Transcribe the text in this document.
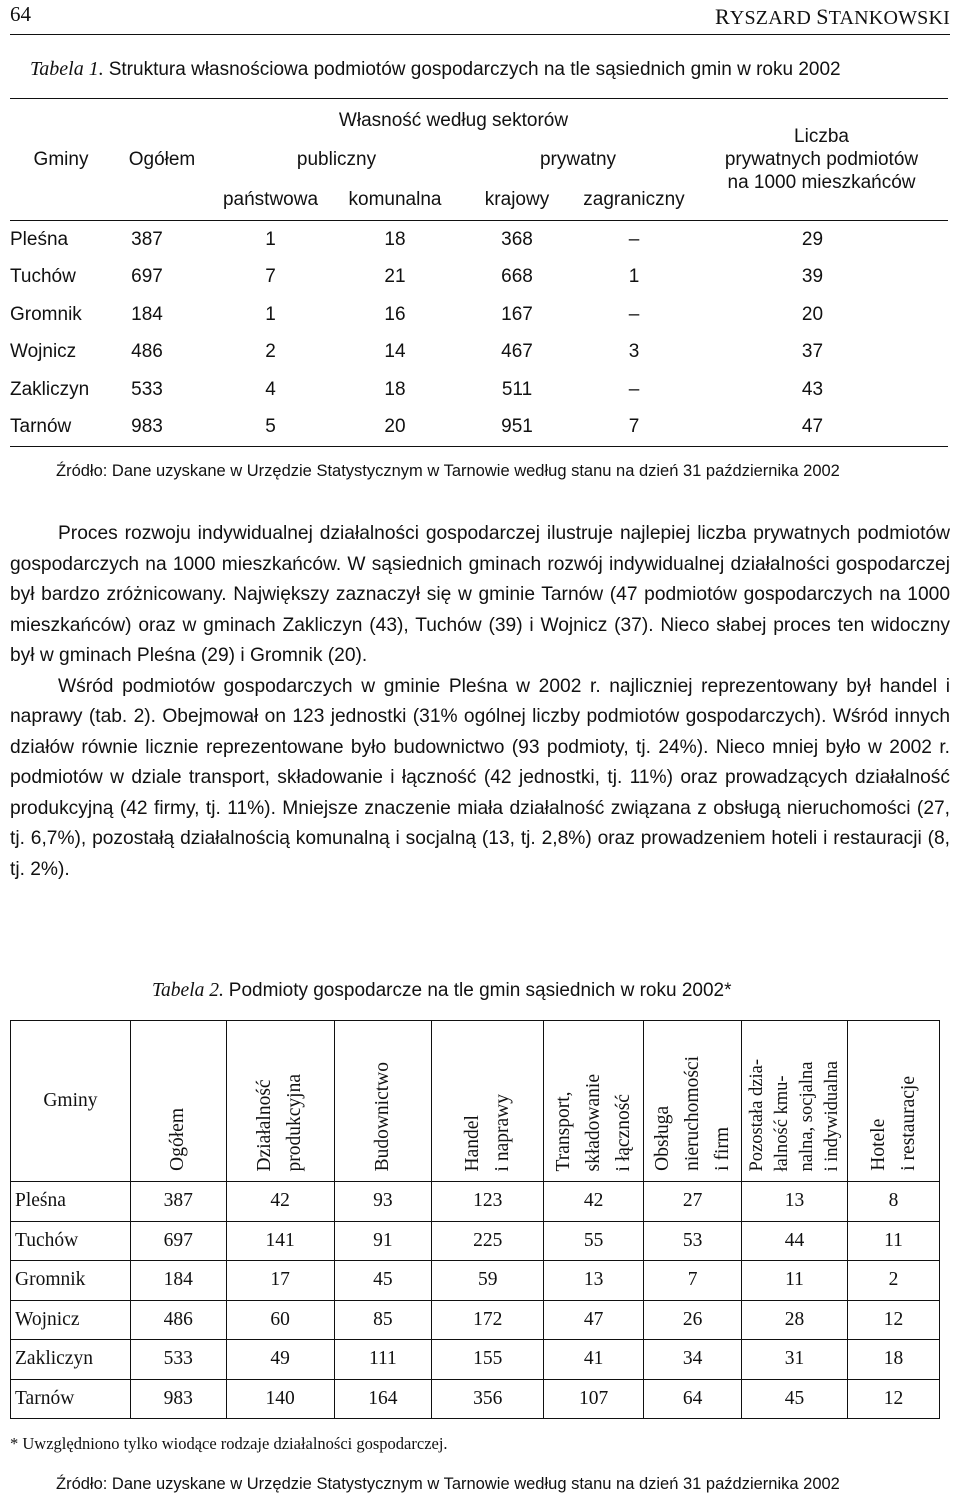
64	RYSZARD STANKOWSKI
Tabela 1. Struktura własnościowa podmiotów gospodarczych na tle sąsiednich gmin w roku 2002
Gminy	Ogółem	Własność według sektorów				Liczba
prywatnych podmiotów
na 1000 mieszkańców

		publiczny		prywatny		
		państwowa	komunalna	krajowy	zagraniczny	
Pleśna	387	1	18	368	–	29
Tuchów	697	7	21	668	1	39
Gromnik	184	1	16	167	–	20
Wojnicz	486	2	14	467	3	37
Zakliczyn	533	4	18	511	–	43
Tarnów	983	5	20	951	7	47
Źródło: Dane uzyskane w Urzędzie Statystycznym w Tarnowie według stanu na dzień 31 października 2002

Proces rozwoju indywidualnej działalności gospodarczej ilustruje najlepiej liczba prywatnych podmiotów gospodarczych na 1000 mieszkańców. W sąsiednich gminach rozwój indywidualnej działalności gospodarczej był bardzo zróżnicowany. Największy zaznaczył się w gminie Tarnów (47 podmiotów gospodarczych na 1000 mieszkańców) oraz w gminach Zakliczyn (43), Tuchów (39) i Wojnicz (37). Nieco słabej proces ten widoczny był w gminach Pleśna (29) i Gromnik (20).

Wśród podmiotów gospodarczych w gminie Pleśna w 2002 r. najliczniej reprezentowany był handel i naprawy (tab. 2). Obejmował on 123 jednostki (31% ogólnej liczby podmiotów gospodarczych). Wśród innych działów równie licznie reprezentowane było budownictwo (93 podmioty, tj. 24%). Nieco mniej było w 2002 r. podmiotów w dziale transport, składowanie i łączność (42 jednostki, tj. 11%) oraz prowadzących działalność produkcyjną (42 firmy, tj. 11%). Mniejsze znaczenie miała działalność związana z obsługą nieruchomości (27, tj. 6,7%), pozostałą działalnością komunalną i socjalną (13, tj. 2,8%) oraz prowadzeniem hoteli i restauracji (8, tj. 2%).

Tabela 2. Podmioty gospodarcze na tle gmin sąsiednich w roku 2002*
Gminy	Ogółem	Działalność produkcyjna	Budownictwo	Handel i naprawy	Transport, składowanie i łączność	Obsługa nieruchomości i firm	Pozostała dzia- łalność kmu- nalna, socjalna i indywidualna	Hotele i restauracje
Pleśna	387	42	93	123	42	27	13	8
Tuchów	697	141	91	225	55	53	44	11
Gromnik	184	17	45	59	13	7	11	2
Wojnicz	486	60	85	172	47	26	28	12
Zakliczyn	533	49	111	155	41	34	31	18
Tarnów	983	140	164	356	107	64	45	12
* Uwzględniono tylko wiodące rodzaje działalności gospodarczej.
Źródło: Dane uzyskane w Urzędzie Statystycznym w Tarnowie według stanu na dzień 31 października 2002
